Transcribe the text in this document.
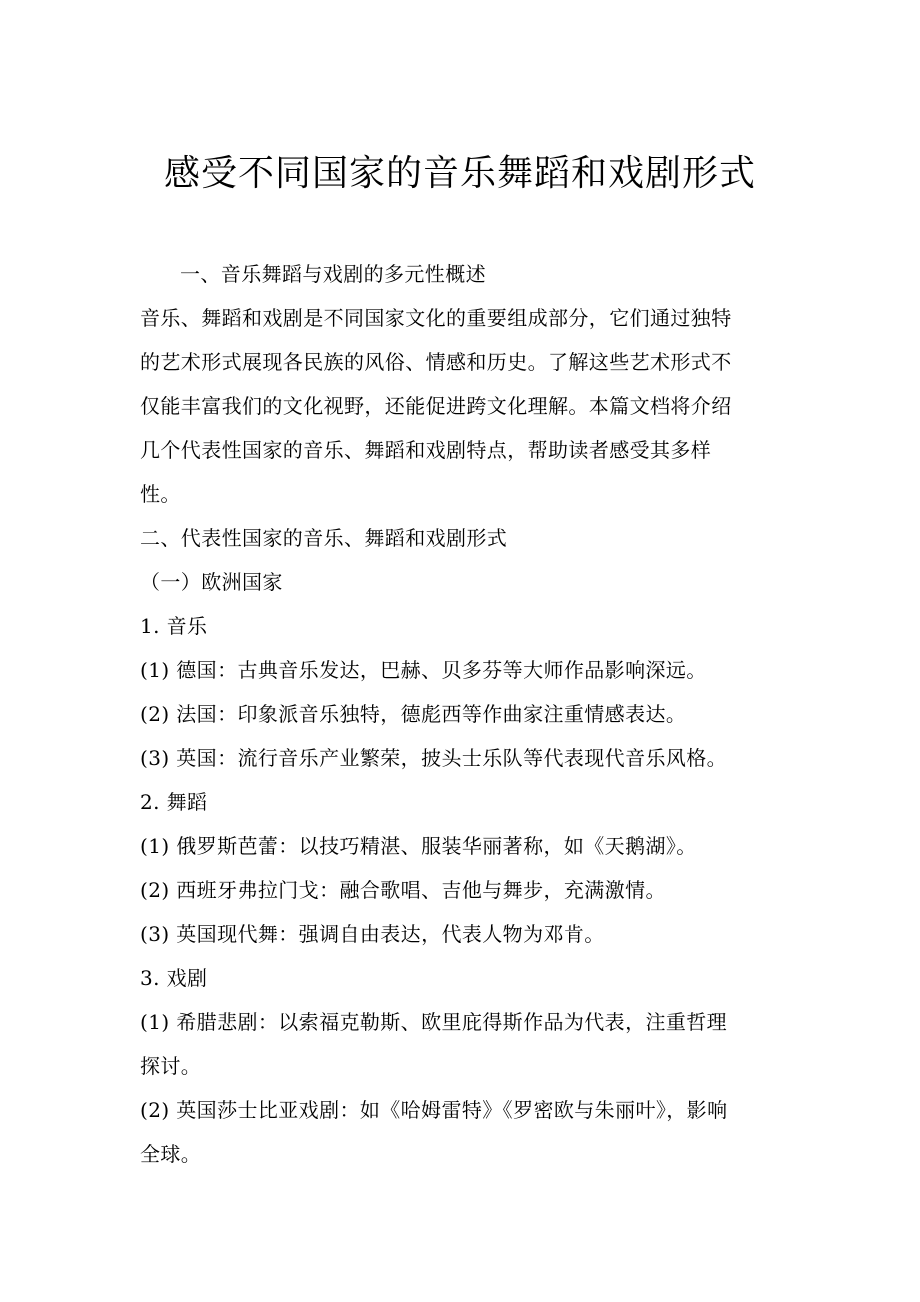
感受不同国家的音乐舞蹈和戏剧形式
一、音乐舞蹈与戏剧的多元性概述
音乐、舞蹈和戏剧是不同国家文化的重要组成部分，它们通过独特
的艺术形式展现各民族的风俗、情感和历史。了解这些艺术形式不
仅能丰富我们的文化视野，还能促进跨文化理解。本篇文档将介绍
几个代表性国家的音乐、舞蹈和戏剧特点，帮助读者感受其多样
性。
二、代表性国家的音乐、舞蹈和戏剧形式
（一）欧洲国家
1. 音乐
(1) 德国：古典音乐发达，巴赫、贝多芬等大师作品影响深远。
(2) 法国：印象派音乐独特，德彪西等作曲家注重情感表达。
(3) 英国：流行音乐产业繁荣，披头士乐队等代表现代音乐风格。
2. 舞蹈
(1) 俄罗斯芭蕾：以技巧精湛、服装华丽著称，如《天鹅湖》。
(2) 西班牙弗拉门戈：融合歌唱、吉他与舞步，充满激情。
(3) 英国现代舞：强调自由表达，代表人物为邓肯。
3. 戏剧
(1) 希腊悲剧：以索福克勒斯、欧里庇得斯作品为代表，注重哲理
探讨。
(2) 英国莎士比亚戏剧：如《哈姆雷特》《罗密欧与朱丽叶》，影响
全球。
